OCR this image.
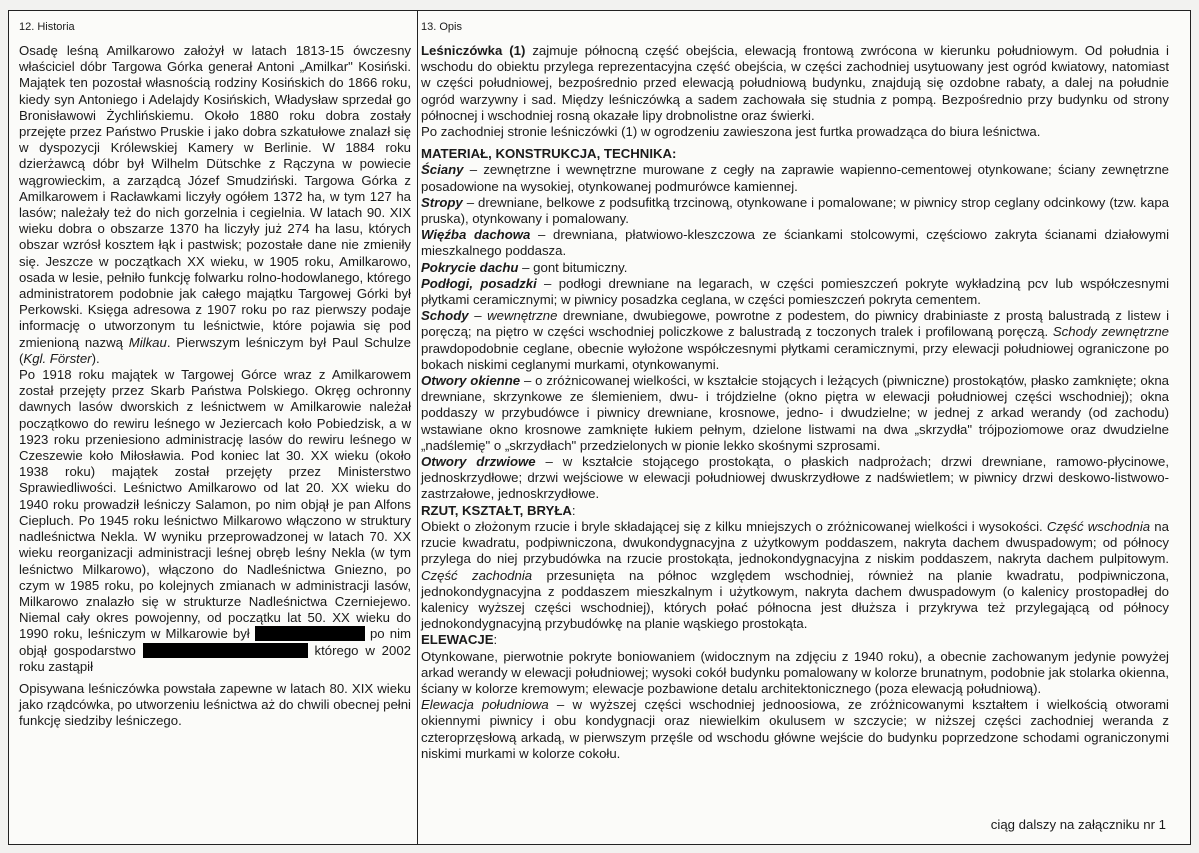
12. Historia

Osadę leśną Amilkarowo założył w latach 1813-15 ówczesny właściciel dóbr Targowa Górka generał Antoni „Amilkar" Kosiński. Majątek ten pozostał własnością rodziny Kosińskich do 1866 roku, kiedy syn Antoniego i Adelajdy Kosińskich, Władysław sprzedał go Bronisławowi Żychlińskiemu. Około 1880 roku dobra zostały przejęte przez Państwo Pruskie i jako dobra szkatułowe znalazł się w dyspozycji Królewskiej Kamery w Berlinie. W 1884 roku dzierżawcą dóbr był Wilhelm Dütschke z Rączyna w powiecie wągrowieckim, a zarządcą Józef Smudziński. Targowa Górka z Amilkarowem i Racławkami liczyły ogółem 1372 ha, w tym 127 ha lasów; należały też do nich gorzelnia i cegielnia. W latach 90. XIX wieku dobra o obszarze 1370 ha liczyły już 274 ha lasu, których obszar wzrósł kosztem łąk i pastwisk; pozostałe dane nie zmieniły się. Jeszcze w początkach XX wieku, w 1905 roku, Amilkarowo, osada w lesie, pełniło funkcję folwarku rolno-hodowlanego, którego administratorem podobnie jak całego majątku Targowej Górki był Perkowski. Księga adresowa z 1907 roku po raz pierwszy podaje informację o utworzonym tu leśnictwie, które pojawia się pod zmienioną nazwą Milkau. Pierwszym leśniczym był Paul Schulze (Kgl. Förster).

Po 1918 roku majątek w Targowej Górce wraz z Amilkarowem został przejęty przez Skarb Państwa Polskiego. Okręg ochronny dawnych lasów dworskich z leśnictwem w Amilkarowie należał początkowo do rewiru leśnego w Jeziercach koło Pobiedzisk, a w 1923 roku przeniesiono administrację lasów do rewiru leśnego w Czeszewie koło Miłosławia. Pod koniec lat 30. XX wieku (około 1938 roku) majątek został przejęty przez Ministerstwo Sprawiedliwości. Leśnictwo Amilkarowo od lat 20. XX wieku do 1940 roku prowadził leśniczy Salamon, po nim objął je pan Alfons Ciepluch. Po 1945 roku leśnictwo Milkarowo włączono w struktury nadleśnictwa Nekla. W wyniku przeprowadzonej w latach 70. XX wieku reorganizacji administracji leśnej obręb leśny Nekla (w tym leśnictwo Milkarowo), włączono do Nadleśnictwa Gniezno, po czym w 1985 roku, po kolejnych zmianach w administracji lasów, Milkarowo znalazło się w strukturze Nadleśnictwa Czerniejewo. Niemal cały okres powojenny, od początku lat 50. XX wieku do 1990 roku, leśniczym w Milkarowie był	po nim objął gospodarstwo	którego w 2002 roku zastąpił

Opisywana leśniczówka powstała zapewne w latach 80. XIX wieku jako rządcówka, po utworzeniu leśnictwa aż do chwili obecnej pełni funkcję siedziby leśniczego.

13. Opis

Leśniczówka (1) zajmuje północną część obejścia, elewacją frontową zwrócona w kierunku południowym. Od południa i wschodu do obiektu przylega reprezentacyjna część obejścia, w części zachodniej usytuowany jest ogród kwiatowy, natomiast w części południowej, bezpośrednio przed elewacją południową budynku, znajdują się ozdobne rabaty, a dalej na południe ogród warzywny i sad. Między leśniczówką a sadem zachowała się studnia z pompą. Bezpośrednio przy budynku od strony północnej i wschodniej rosną okazałe lipy drobnolistne oraz świerki.

Po zachodniej stronie leśniczówki (1) w ogrodzeniu zawieszona jest furtka prowadząca do biura leśnictwa.

MATERIAŁ, KONSTRUKCJA, TECHNIKA:

Ściany – zewnętrzne i wewnętrzne murowane z cegły na zaprawie wapienno-cementowej otynkowane; ściany zewnętrzne posadowione na wysokiej, otynkowanej podmurówce kamiennej.

Stropy – drewniane, belkowe z podsufitką trzcinową, otynkowane i pomalowane; w piwnicy strop ceglany odcinkowy (tzw. kapa pruska), otynkowany i pomalowany.

Więźba dachowa – drewniana, płatwiowo-kleszczowa ze ściankami stolcowymi, częściowo zakryta ścianami działowymi mieszkalnego poddasza.

Pokrycie dachu – gont bitumiczny.

Podłogi, posadzki – podłogi drewniane na legarach, w części pomieszczeń pokryte wykładziną pcv lub współczesnymi płytkami ceramicznymi; w piwnicy posadzka ceglana, w części pomieszczeń pokryta cementem.

Schody – wewnętrzne drewniane, dwubiegowe, powrotne z podestem, do piwnicy drabiniaste z prostą balustradą z listew i poręczą; na piętro w części wschodniej policzkowe z balustradą z toczonych tralek i profilowaną poręczą. Schody zewnętrzne prawdopodobnie ceglane, obecnie wyłożone współczesnymi płytkami ceramicznymi, przy elewacji południowej ograniczone po bokach niskimi ceglanymi murkami, otynkowanymi.

Otwory okienne – o zróżnicowanej wielkości, w kształcie stojących i leżących (piwniczne) prostokątów, płasko zamknięte; okna drewniane, skrzynkowe ze ślemieniem, dwu- i trójdzielne (okno piętra w elewacji południowej części wschodniej); okna poddaszy w przybudówce i piwnicy drewniane, krosnowe, jedno- i dwudzielne; w jednej z arkad werandy (od zachodu) wstawiane okno krosnowe zamknięte łukiem pełnym, dzielone listwami na dwa „skrzydła" trójpoziomowe oraz dwudzielne „nadślemię" o „skrzydłach" przedzielonych w pionie lekko skośnymi szprosami.

Otwory drzwiowe – w kształcie stojącego prostokąta, o płaskich nadprożach; drzwi drewniane, ramowo-płycinowe, jednoskrzydłowe; drzwi wejściowe w elewacji południowej dwuskrzydłowe z nadświetlem; w piwnicy drzwi deskowo-listwowo-zastrzałowe, jednoskrzydłowe.

RZUT, KSZTAŁT, BRYŁA:

Obiekt o złożonym rzucie i bryle składającej się z kilku mniejszych o zróżnicowanej wielkości i wysokości. Część wschodnia na rzucie kwadratu, podpiwniczona, dwukondygnacyjna z użytkowym poddaszem, nakryta dachem dwuspadowym; od północy przylega do niej przybudówka na rzucie prostokąta, jednokondygnacyjna z niskim poddaszem, nakryta dachem pulpitowym. Część zachodnia przesunięta na północ względem wschodniej, również na planie kwadratu, podpiwniczona, jednokondygnacyjna z poddaszem mieszkalnym i użytkowym, nakryta dachem dwuspadowym (o kalenicy prostopadłej do kalenicy wyższej części wschodniej), których połać północna jest dłuższa i przykrywa też przylegającą od północy jednokondygnacyjną przybudówkę na planie wąskiego prostokąta.

ELEWACJE:

Otynkowane, pierwotnie pokryte boniowaniem (widocznym na zdjęciu z 1940 roku), a obecnie zachowanym jedynie powyżej arkad werandy w elewacji południowej; wysoki cokół budynku pomalowany w kolorze brunatnym, podobnie jak stolarka okienna, ściany w kolorze kremowym; elewacje pozbawione detalu architektonicznego (poza elewacją południową).

Elewacja południowa – w wyższej części wschodniej jednoosiowa, ze zróżnicowanymi kształtem i wielkością otworami okiennymi piwnicy i obu kondygnacji oraz niewielkim okulusem w szczycie; w niższej części zachodniej weranda z czteroprzęsłową arkadą, w pierwszym przęśle od wschodu główne wejście do budynku poprzedzone schodami ograniczonymi niskimi murkami w kolorze cokołu.

ciąg dalszy na załączniku nr 1
